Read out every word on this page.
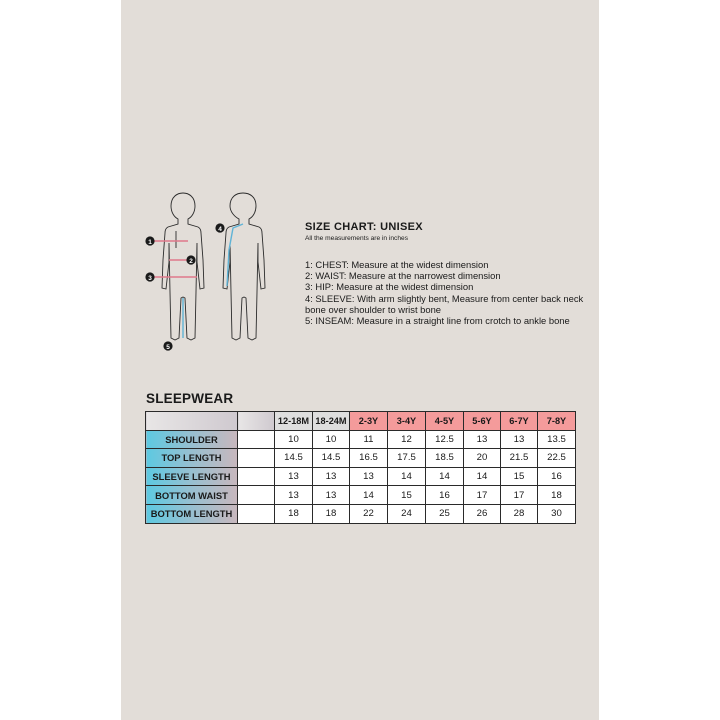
1
2
3
4
5
SIZE CHART: UNISEX

All the measurements are in inches

1: CHEST: Measure at the widest dimension
2: WAIST: Measure at the narrowest dimension
3: HIP: Measure at the widest dimension
4: SLEEVE: With arm slightly bent, Measure from center back neck bone over shoulder to wrist bone
5: INSEAM: Measure in a straight line from crotch to ankle bone
SLEEPWEAR
		12-18M	18-24M	2-3Y	3-4Y	4-5Y	5-6Y	6-7Y	7-8Y
SHOULDER		10	10	11	12	12.5	13	13	13.5
TOP LENGTH		14.5	14.5	16.5	17.5	18.5	20	21.5	22.5
SLEEVE LENGTH		13	13	13	14	14	14	15	16
BOTTOM WAIST		13	13	14	15	16	17	17	18
BOTTOM LENGTH		18	18	22	24	25	26	28	30
